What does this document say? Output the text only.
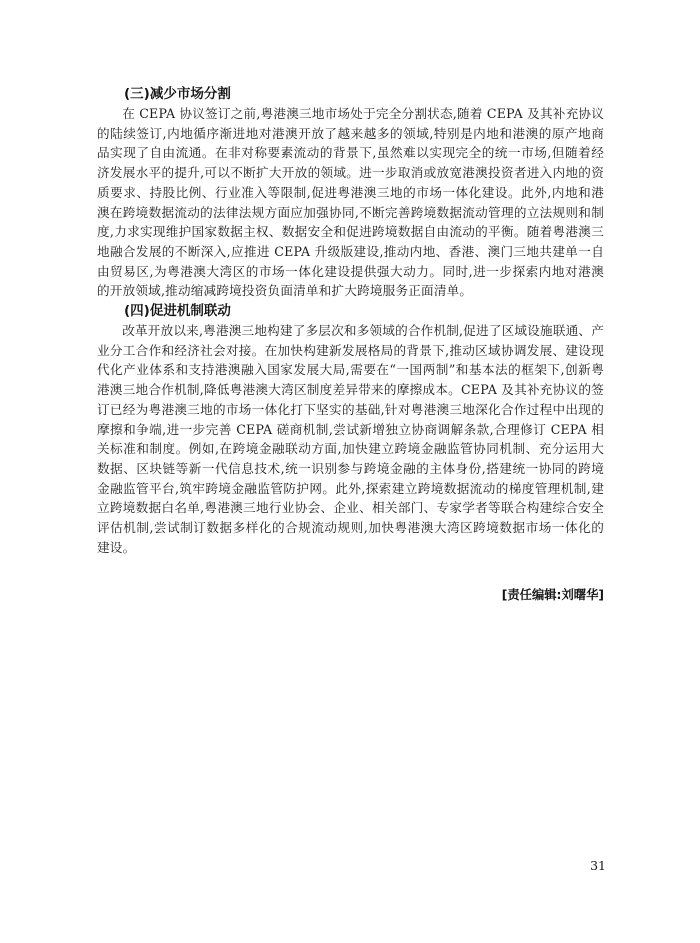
(三)减少市场分割

在 CEPA 协议签订之前,粤港澳三地市场处于完全分割状态,随着 CEPA 及其补充协议的陆续签订,内地循序渐进地对港澳开放了越来越多的领域,特别是内地和港澳的原产地商品实现了自由流通。在非对称要素流动的背景下,虽然难以实现完全的统一市场,但随着经济发展水平的提升,可以不断扩大开放的领域。进一步取消或放宽港澳投资者进入内地的资质要求、持股比例、行业准入等限制,促进粤港澳三地的市场一体化建设。此外,内地和港澳在跨境数据流动的法律法规方面应加强协同,不断完善跨境数据流动管理的立法规则和制度,力求实现维护国家数据主权、数据安全和促进跨境数据自由流动的平衡。随着粤港澳三地融合发展的不断深入,应推进 CEPA 升级版建设,推动内地、香港、澳门三地共建单一自由贸易区,为粤港澳大湾区的市场一体化建设提供强大动力。同时,进一步探索内地对港澳的开放领域,推动缩减跨境投资负面清单和扩大跨境服务正面清单。

(四)促进机制联动

改革开放以来,粤港澳三地构建了多层次和多领域的合作机制,促进了区域设施联通、产业分工合作和经济社会对接。在加快构建新发展格局的背景下,推动区域协调发展、建设现代化产业体系和支持港澳融入国家发展大局,需要在“一国两制”和基本法的框架下,创新粤港澳三地合作机制,降低粤港澳大湾区制度差异带来的摩擦成本。CEPA 及其补充协议的签订已经为粤港澳三地的市场一体化打下坚实的基础,针对粤港澳三地深化合作过程中出现的摩擦和争端,进一步完善 CEPA 磋商机制,尝试新增独立协商调解条款,合理修订 CEPA 相关标准和制度。例如,在跨境金融联动方面,加快建立跨境金融监管协同机制、充分运用大数据、区块链等新一代信息技术,统一识别参与跨境金融的主体身份,搭建统一协同的跨境金融监管平台,筑牢跨境金融监管防护网。此外,探索建立跨境数据流动的梯度管理机制,建立跨境数据白名单,粤港澳三地行业协会、企业、相关部门、专家学者等联合构建综合安全评估机制,尝试制订数据多样化的合规流动规则,加快粤港澳大湾区跨境数据市场一体化的建设。

[责任编辑:刘曙华]
31
